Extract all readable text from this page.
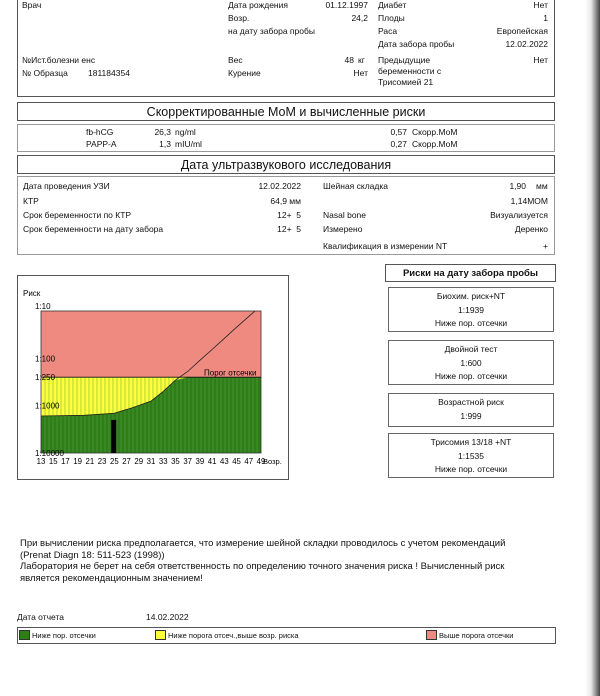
Врач
№Ист.болезни енс
№ Образца 181184354
Дата рождения	01.12.1997
Возр.	24,2
на дату забора пробы
Вес	48 кг
Курение	Нет
Диабет	Нет
Плоды	1
Раса	Европейская
Дата забора пробы	12.02.2022
Предыдущие
беременности с
Трисомией 21
Нет
Скорректированные МоМ и вычисленные риски
fb-hCG	26,3 ng/ml	0,57 Скорр.МоМ
PAPP-A	1,3 mIU/ml	0,27 Скорр.МоМ
Дата ультразвукового исследования
Дата проведения УЗИ	12.02.2022
КТР	64,9 мм
Срок беременности по КТР	12+  5
Срок беременности на дату забора	12+  5
Шейная складка	1,90 мм
1,14МОМ
Nasal bone	Визуализуется
Измерено	Деренко
Квалификация в измерении NT	+
Риск
1:10
1:100
1:250
1:1000
1:10000
13 15 17 19 21 23 25 27 29 31 33 35 37 39 41 43 45 47 49
Возр.
Порог отсечки
Риски на дату забора пробы
Биохим. риск+NT
1:1939
Ниже пор. отсечки
Двойной тест
1:600
Ниже пор. отсечки
Возрастной риск
1:999
Трисомия 13/18 +NT
1:1535
Ниже пор. отсечки
При вычислении риска предполагается, что измерение шейной складки проводилось с учетом рекомендаций
(Prenat Diagn 18: 511-523 (1998))
Лаборатория не берет на себя ответственность по определению точного значения риска ! Вычисленный риск
является рекомендационным значением!
Дата отчета	14.02.2022
Ниже пор. отсечки	Ниже порога отсеч.,выше возр. риска	Выше порога отсечки
